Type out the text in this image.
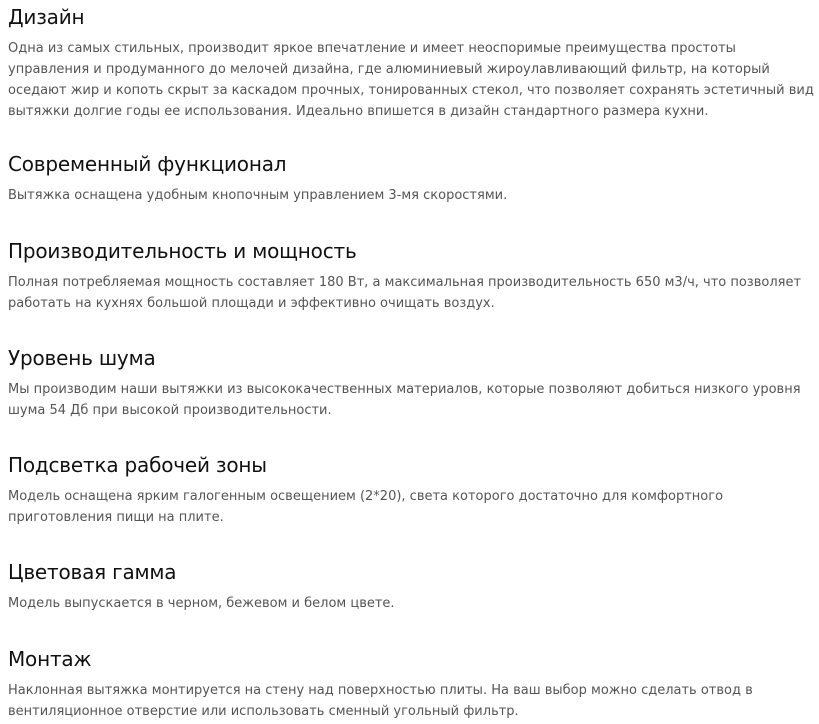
Дизайн

Одна из самых стильных, производит яркое впечатление и имеет неоспоримые преимущества простоты управления и продуманного до мелочей дизайна, где алюминиевый жироулавливающий фильтр, на который оседают жир и копоть скрыт за каскадом прочных, тонированных стекол, что позволяет сохранять эстетичный вид вытяжки долгие годы ее использования. Идеально впишется в дизайн стандартного размера кухни.

Современный функционал

Вытяжка оснащена удобным кнопочным управлением 3-мя скоростями.

Производительность и мощность

Полная потребляемая мощность составляет 180 Вт, а максимальная производительность 650 м3/ч, что позволяет работать на кухнях большой площади и эффективно очищать воздух.

Уровень шума

Мы производим наши вытяжки из высококачественных материалов, которые позволяют добиться низкого уровня шума 54 Дб при высокой производительности.

Подсветка рабочей зоны

Модель оснащена ярким галогенным освещением (2*20), света которого достаточно для комфортного приготовления пищи на плите.

Цветовая гамма

Модель выпускается в черном, бежевом и белом цвете.

Монтаж

Наклонная вытяжка монтируется на стену над поверхностью плиты. На ваш выбор можно сделать отвод в вентиляционное отверстие или использовать сменный угольный фильтр.
